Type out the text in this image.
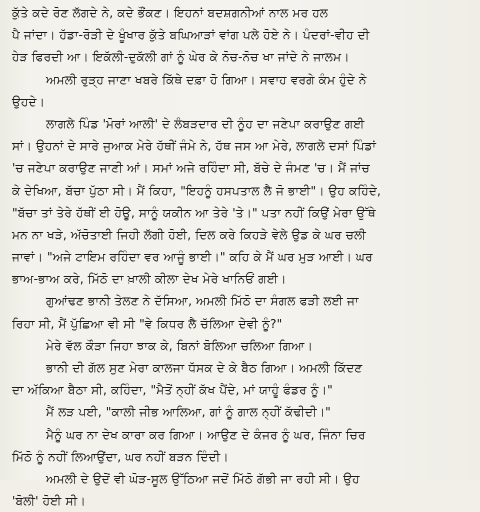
ਕੁੱਤੇ ਕਦੇ ਰੋਣ ਲੱਗਦੇ ਨੇ, ਕਦੇ ਭੌਂਕਣ। ਇਹਨਾਂ ਬਦਸ਼ਗਨੀਆਂ ਨਾਲ ਮਰ ਹਲ
ਪੈ ਜਾਂਦਾ। ਹੱਡਾ-ਰੋੜੀ ਦੇ ਖੂੰਖਾਰ ਕੁੱਤੇ ਬਘਿਆੜਾਂ ਵਾਂਗ ਪਲੇ ਹੋਏ ਨੇ। ਪੰਦਰਾਂ-ਵੀਹ ਦੀ
ਹੇੜ ਫਿਰਦੀ ਆ। ਇਕੱਲੀ-ਦੁਕੱਲੀ ਗਾਂ ਨੂੰ ਘੇਰ ਕੇ ਨੋਚ-ਨੋਚ ਖਾ ਜਾਂਦੇ ਨੇ ਜਾਲਮ।
ਅਮਲੀ ਰੁੜ੍ਹ ਜਾਣਾ ਖਬਰੇ ਕਿੱਥੇ ਦਫ਼ਾ ਹੋ ਗਿਆ। ਸਵਾਹ ਵਰਗੇ ਕੰਮ ਹੁੰਦੇ ਨੇ
ਉਹਦੇ।
ਲਾਗਲੇ ਪਿੰਡ 'ਮੋਰਾਂ ਆਲੀ' ਦੇ ਲੰਬੜਦਾਰ ਦੀ ਨੂੰਹ ਦਾ ਜਣੇਪਾ ਕਰਾਉਣ ਗਈ
ਸਾਂ। ਉਹਨਾਂ ਦੇ ਸਾਰੇ ਜੁਆਕ ਮੇਰੇ ਹੱਥੀਂ ਜੰਮੇ ਨੇ, ਹੱਥ ਜਸ ਆ ਮੇਰੇ, ਲਾਗਲੇ ਦਸਾਂ ਪਿੰਡਾਂ
'ਚ ਜਣੇਪਾ ਕਰਾਉਣ ਜਾਣੀ ਆਂ। ਸਮਾਂ ਅਜੇ ਰਹਿੰਦਾ ਸੀ, ਬੱਚੇ ਦੇ ਜੰਮਣ 'ਚ। ਮੈਂ ਜਾਂਚ
ਕੇ ਦੇਖਿਆ, ਬੱਚਾ ਪੁੱਠਾ ਸੀ। ਮੈਂ ਕਿਹਾ, "ਇਹਨੂੰ ਹਸਪਤਾਲ ਲੈ ਜੋ ਭਾਈ"। ਉਹ ਕਹਿੰਦੇ,
"ਬੱਚਾ ਤਾਂ ਤੇਰੇ ਹੱਥੀਂ ਈ ਹੋਊ, ਸਾਨੂੰ ਯਕੀਨ ਆ ਤੇਰੇ 'ਤੇ।" ਪਤਾ ਨਹੀਂ ਕਿਉਂ ਮੇਰਾ ਉੱਥੇ
ਮਨ ਨਾ ਖੜੇ, ਅੱਚੋਤਾਈ ਜਿਹੀ ਲੱਗੀ ਹੋਈ, ਦਿਲ ਕਰੇ ਕਿਹੜੇ ਵੇਲੇ ਉਡ ਕੇ ਘਰ ਚਲੀ
ਜਾਵਾਂ। "ਅਜੇ ਟਾਇਮ ਰਹਿੰਦਾ ਵਰ ਆਜੂੰ ਭਾਈ।" ਕਹਿ ਕੇ ਮੈਂ ਘਰ ਮੁੜ ਆਈ। ਘਰ
ਭਾਅ-ਭਾਅ ਕਰੇ, ਮਿੱਠੋ ਦਾ ਖ਼ਾਲੀ ਕੀਲਾ ਦੇਖ ਮੇਰੇ ਖਾਨਿਓਂ ਗਈ।
ਗੁਆਂਢਣ ਭਾਨੀ ਤੇਲਣ ਨੇ ਦੱਸਿਆ, ਅਮਲੀ ਮਿੱਠੋ ਦਾ ਸੰਗਲ ਫੜੀ ਲਈ ਜਾ
ਰਿਹਾ ਸੀ, ਮੈਂ ਪੁੱਛਿਆ ਵੀ ਸੀ "ਵੇ ਕਿਧਰ ਲੈ ਚੱਲਿਆ ਦੇਵੀ ਨੂੰ?"
ਮੇਰੇ ਵੱਲ ਕੌੜਾ ਜਿਹਾ ਝਾਕ ਕੇ, ਬਿਨਾਂ ਬੋਲਿਆ ਚਲਿਆ ਗਿਆ।
ਭਾਨੀ ਦੀ ਗੱਲ ਸੁਣ ਮੇਰਾ ਕਾਲਜਾ ਧੱਸਕ ਦੇ ਕੇ ਬੈਠ ਗਿਆ। ਅਮਲੀ ਕਿੱਦਣ
ਦਾ ਅੱਕਿਆ ਬੈਠਾ ਸੀ, ਕਹਿੰਦਾ, "ਮੈਤੋਂ ਨ੍ਹੀਂ ਕੱਖ ਪੈਂਦੇ, ਮਾਂ ਯਾਹੂੰ ਫੰਡਰ ਨੂੰ।"
ਮੈਂ ਲੜ ਪਈ, "ਕਾਲੀ ਜੀਭ ਆਲਿਆ, ਗਾਂ ਨੂੰ ਗਾਲ ਨ੍ਹੀਂ ਕੱਢੀਦੀ।"
ਮੈਨੂੰ ਘਰ ਨਾ ਦੇਖ ਕਾਰਾ ਕਰ ਗਿਆ। ਆਉਣ ਦੇ ਕੰਜਰ ਨੂੰ ਘਰ, ਜਿੰਨਾ ਚਿਰ
ਮਿੱਠੋ ਨੂੰ ਨਹੀਂ ਲਿਆਉਂਦਾ, ਘਰ ਨਹੀਂ ਬੜਨ ਦਿੰਦੀ।
ਅਮਲੀ ਦੇ ਉਦੋਂ ਵੀ ਘੋੜ-ਸੂਲ ਉੱਠਿਆ ਜਦੋਂ ਮਿੱਠੋ ਗੱਭੀ ਜਾ ਰਹੀ ਸੀ। ਉਹ
'ਬੋਲੀ' ਹੋਈ ਸੀ।
